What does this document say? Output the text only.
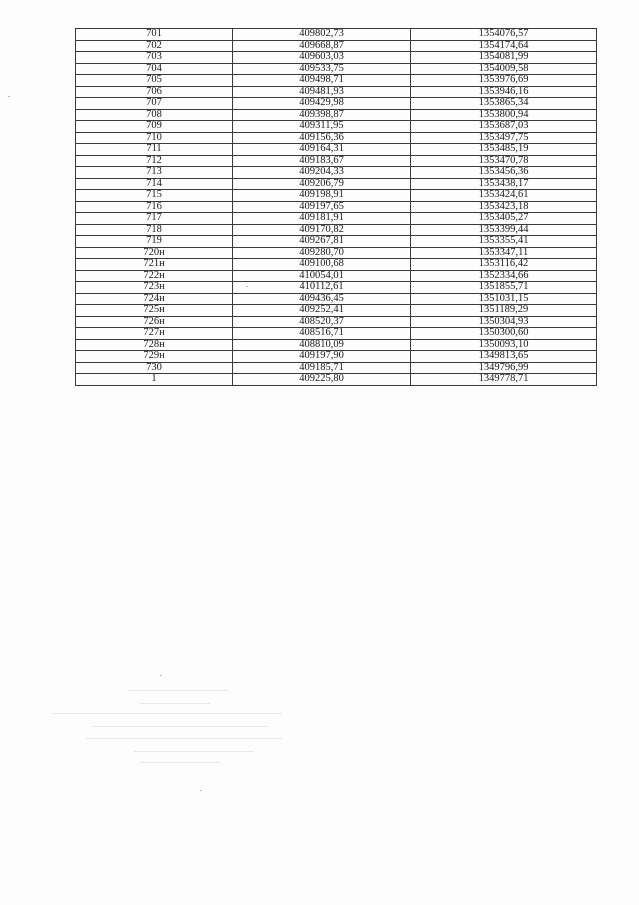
701	409802,73	1354076,57
702	409668,87	1354174,64
703	409603,03	1354081,99
704	409533,75	1354009,58
705	409498,71	1353976,69
706	409481,93	1353946,16
707	409429,98	1353865,34
708	409398,87	1353800,94
709	409311,95	1353687,03
710	409156,36	1353497,75
711	409164,31	1353485,19
712	409183,67	1353470,78
713	409204,33	1353456,36
714	409206,79	1353438,17
715	409198,91	1353424,61
716	409197,65	1353423,18
717	409181,91	1353405,27
718	409170,82	1353399,44
719	409267,81	1353355,41
720н	409280,70	1353347,11
721н	409100,68	1353116,42
722н	410054,01	1352334,66
723н	410112,61	1351855,71
724н	409436,45	1351031,15
725н	409252,41	1351189,29
726н	408520,37	1350304,93
727н	408516,71	1350300,60
728н	408810,09	1350093,10
729н	409197,90	1349813,65
730	409185,71	1349796,99
1	409225,80	1349778,71
